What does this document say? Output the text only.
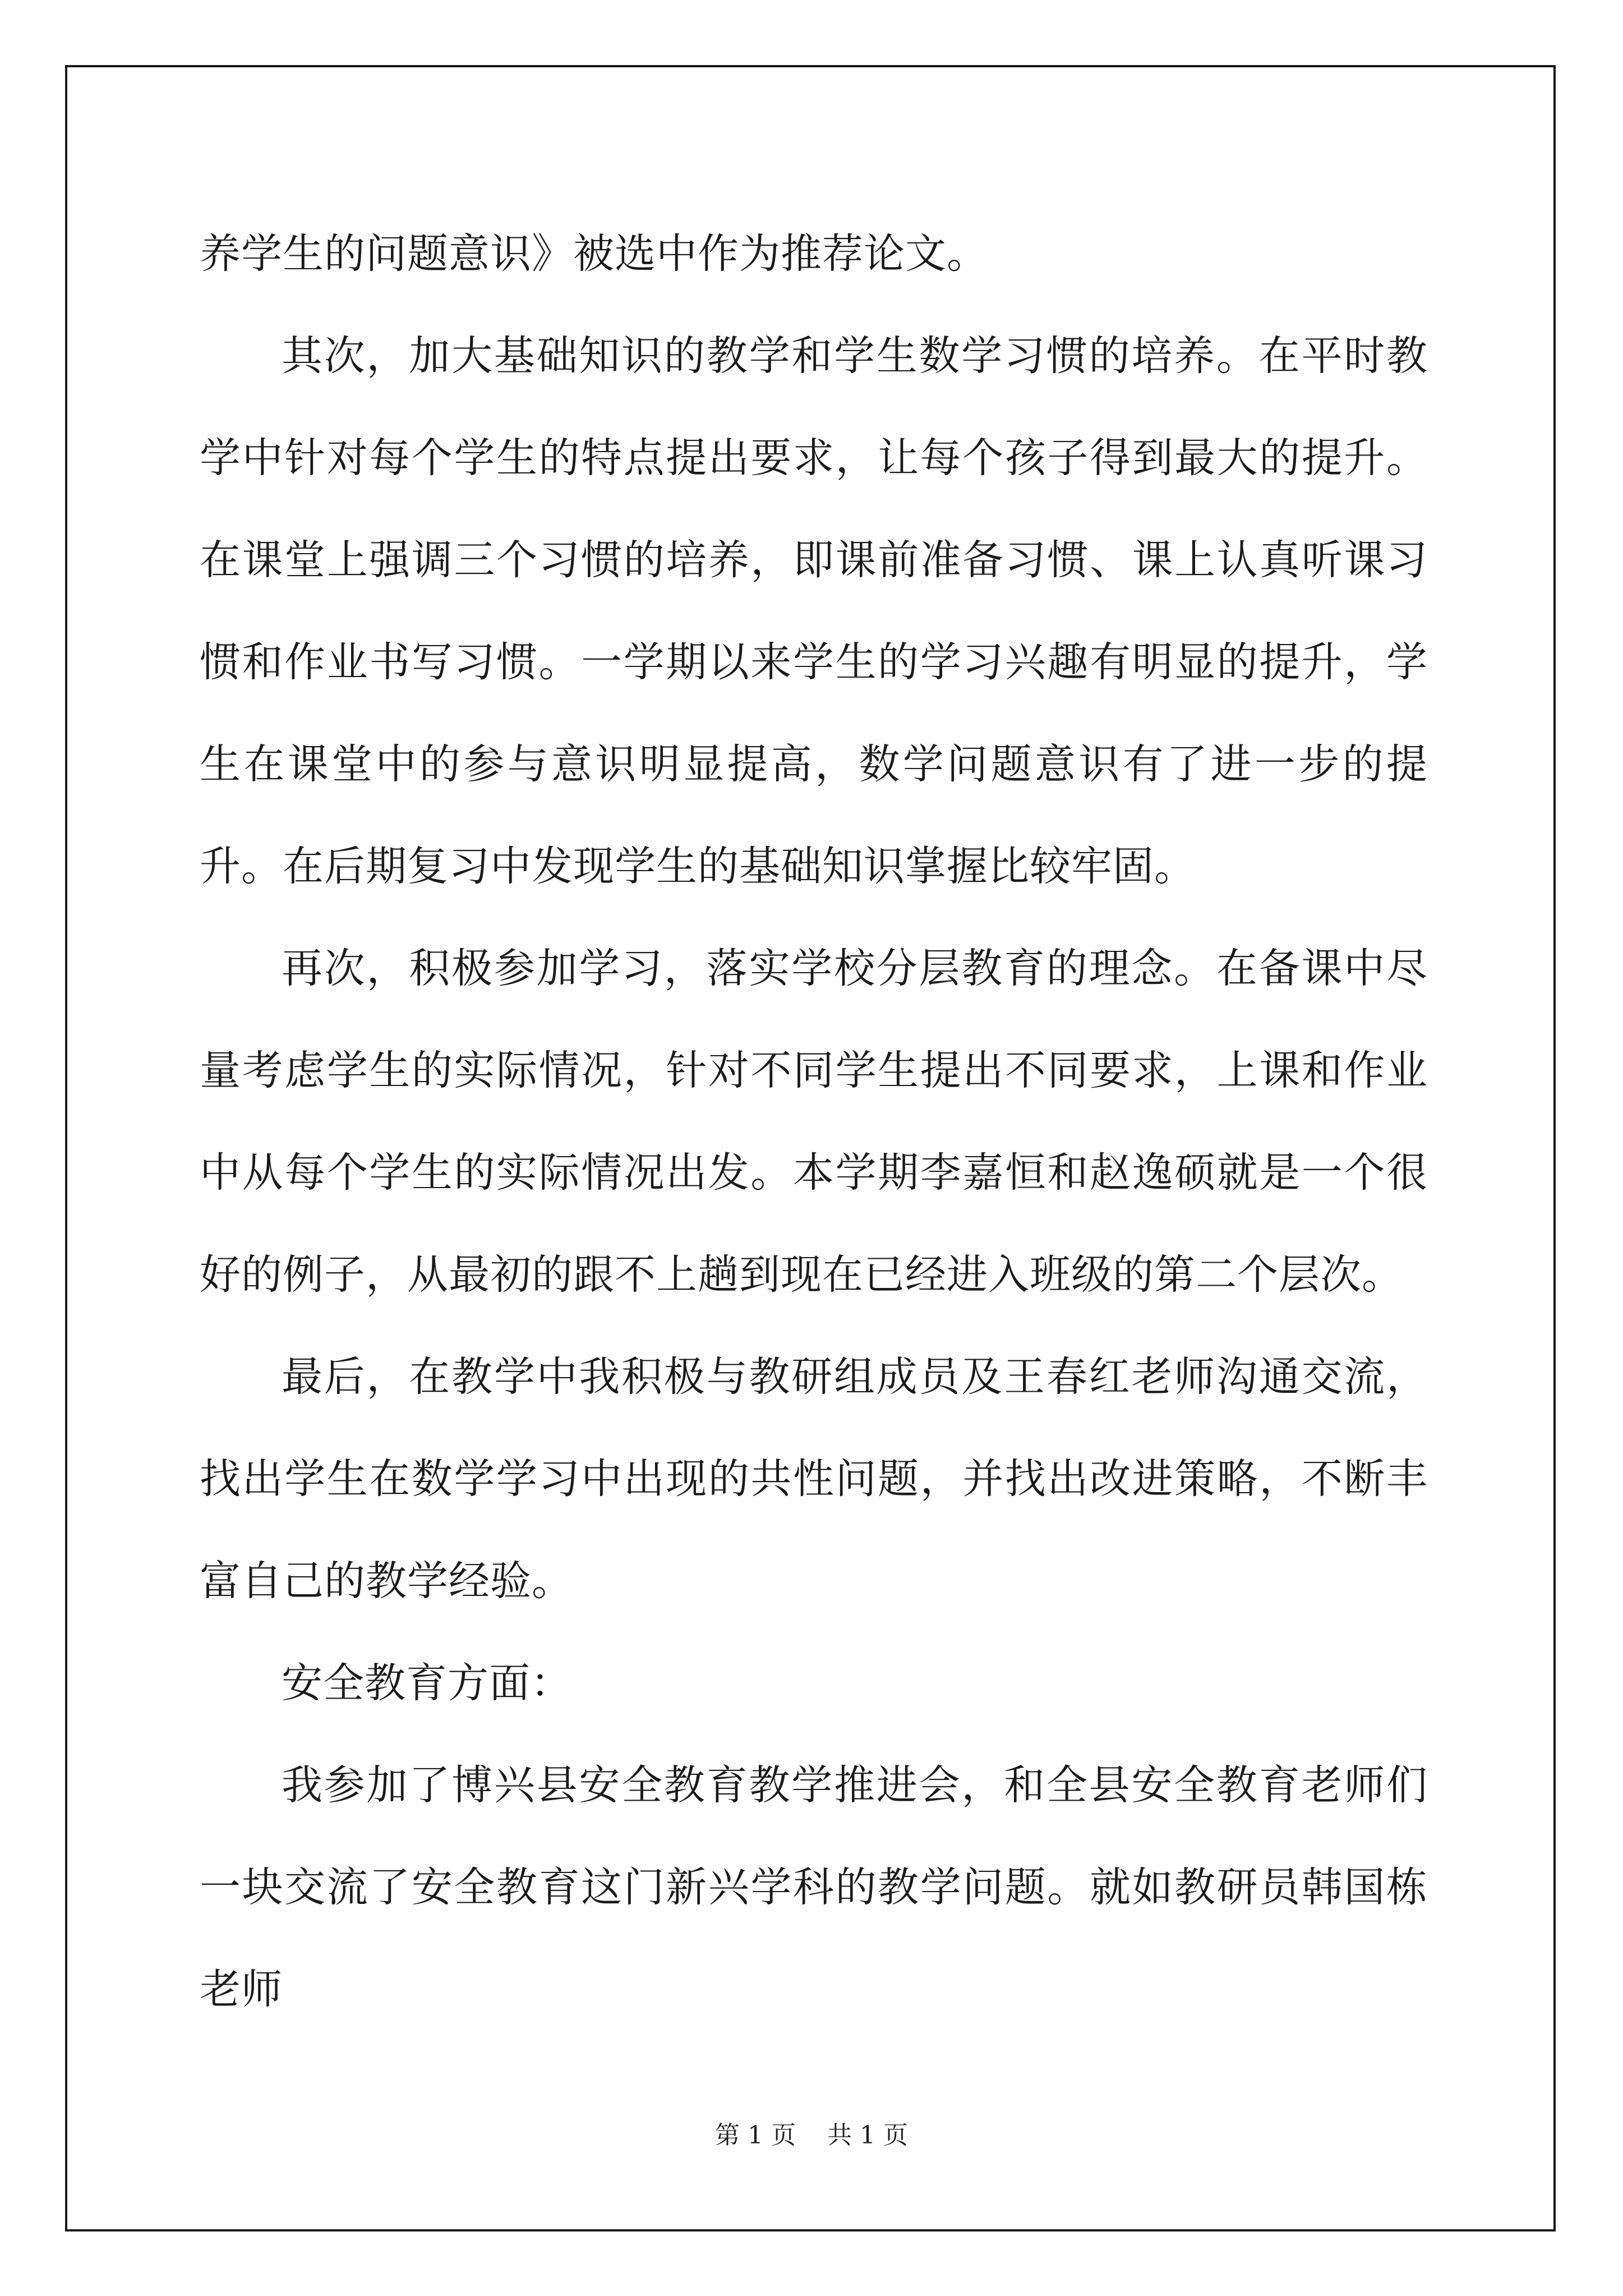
养学生的问题意识》被选中作为推荐论文。

其次，加大基础知识的教学和学生数学习惯的培养。在平时教学中针对每个学生的特点提出要求，让每个孩子得到最大的提升。在课堂上强调三个习惯的培养，即课前准备习惯、课上认真听课习惯和作业书写习惯。一学期以来学生的学习兴趣有明显的提升，学生在课堂中的参与意识明显提高，数学问题意识有了进一步的提升。在后期复习中发现学生的基础知识掌握比较牢固。

再次，积极参加学习，落实学校分层教育的理念。在备课中尽量考虑学生的实际情况，针对不同学生提出不同要求，上课和作业中从每个学生的实际情况出发。本学期李嘉恒和赵逸硕就是一个很好的例子，从最初的跟不上趟到现在已经进入班级的第二个层次。

最后，在教学中我积极与教研组成员及王春红老师沟通交流，找出学生在数学学习中出现的共性问题，并找出改进策略，不断丰富自己的教学经验。

安全教育方面：

我参加了博兴县安全教育教学推进会，和全县安全教育老师们一块交流了安全教育这门新兴学科的教学问题。就如教研员韩国栋老师

第 1 页    共 1 页
